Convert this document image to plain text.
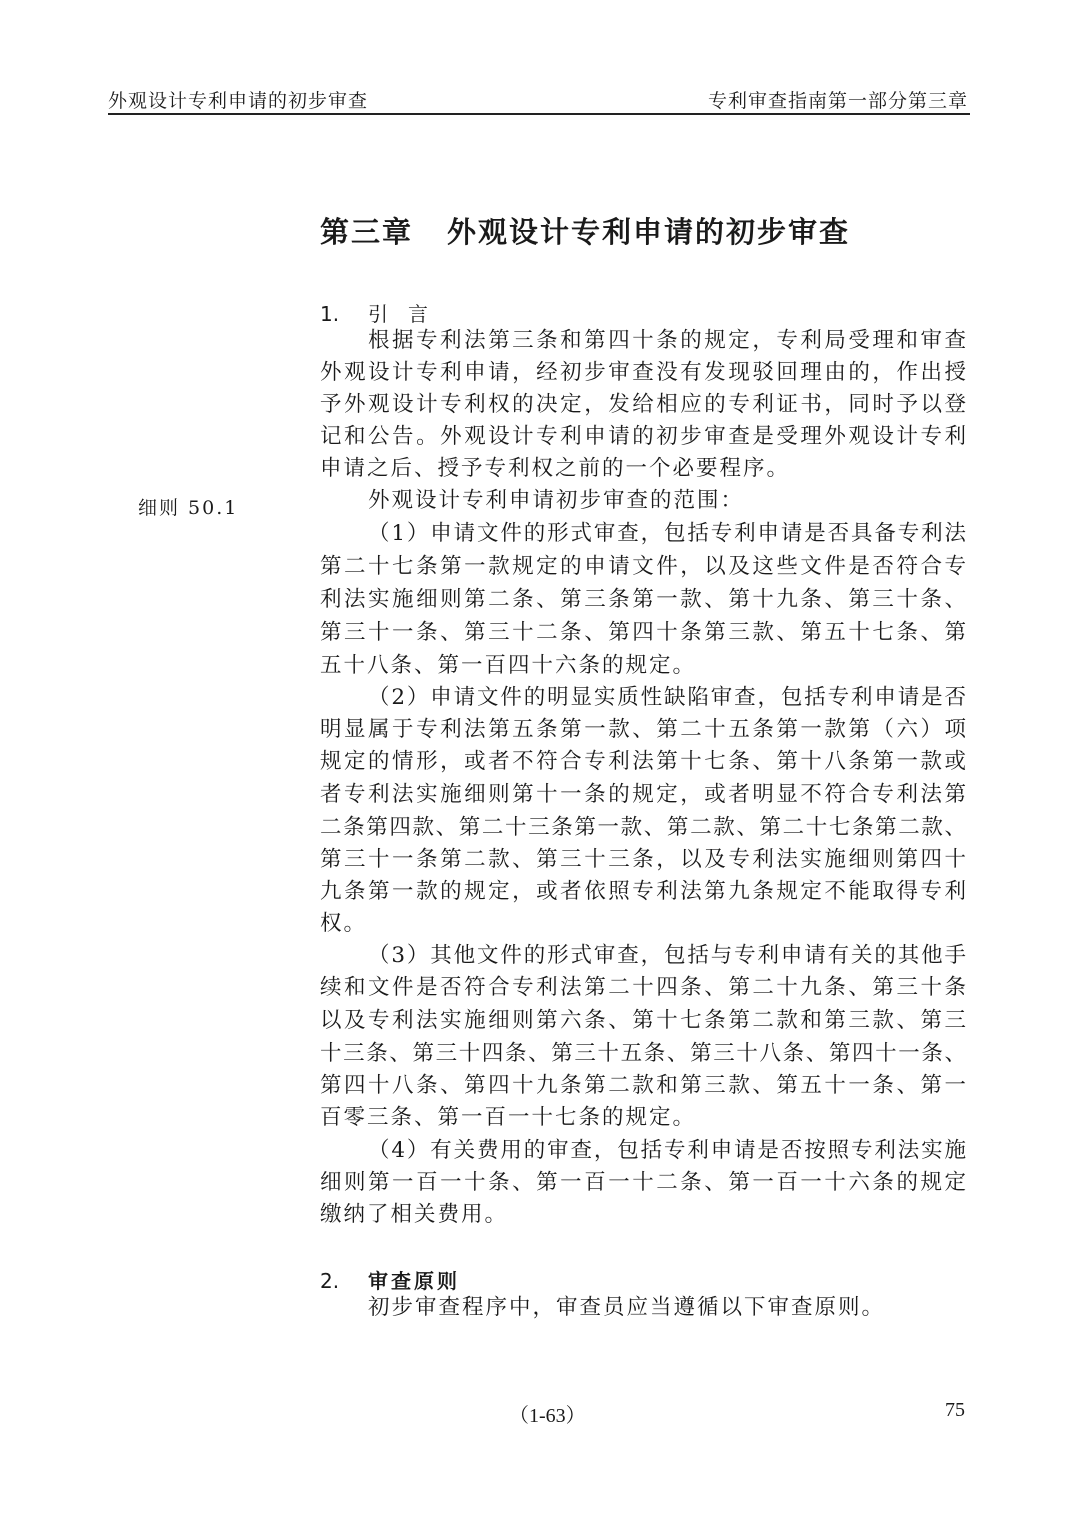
外观设计专利申请的初步审查	专利审查指南第一部分第三章
第三章 外观设计专利申请的初步审查
1. 引言
细则 50.1
根据专利法第三条和第四十条的规定，专利局受理和审查
外观设计专利申请，经初步审查没有发现驳回理由的，作出授
予外观设计专利权的决定，发给相应的专利证书，同时予以登
记和公告。外观设计专利申请的初步审查是受理外观设计专利
申请之后、授予专利权之前的一个必要程序。
外观设计专利申请初步审查的范围：
（1）申请文件的形式审查，包括专利申请是否具备专利法
第二十七条第一款规定的申请文件，以及这些文件是否符合专
利法实施细则第二条、第三条第一款、第十九条、第三十条、
第三十一条、第三十二条、第四十条第三款、第五十七条、第
五十八条、第一百四十六条的规定。
（2）申请文件的明显实质性缺陷审查，包括专利申请是否
明显属于专利法第五条第一款、第二十五条第一款第（六）项
规定的情形，或者不符合专利法第十七条、第十八条第一款或
者专利法实施细则第十一条的规定，或者明显不符合专利法第
二条第四款、第二十三条第一款、第二款、第二十七条第二款、
第三十一条第二款、第三十三条，以及专利法实施细则第四十
九条第一款的规定，或者依照专利法第九条规定不能取得专利
权。
（3）其他文件的形式审查，包括与专利申请有关的其他手
续和文件是否符合专利法第二十四条、第二十九条、第三十条
以及专利法实施细则第六条、第十七条第二款和第三款、第三
十三条、第三十四条、第三十五条、第三十八条、第四十一条、
第四十八条、第四十九条第二款和第三款、第五十一条、第一
百零三条、第一百一十七条的规定。
（4）有关费用的审查，包括专利申请是否按照专利法实施
细则第一百一十条、第一百一十二条、第一百一十六条的规定
缴纳了相关费用。
2. 审查原则
初步审查程序中，审查员应当遵循以下审查原则。
（1-63）	75
